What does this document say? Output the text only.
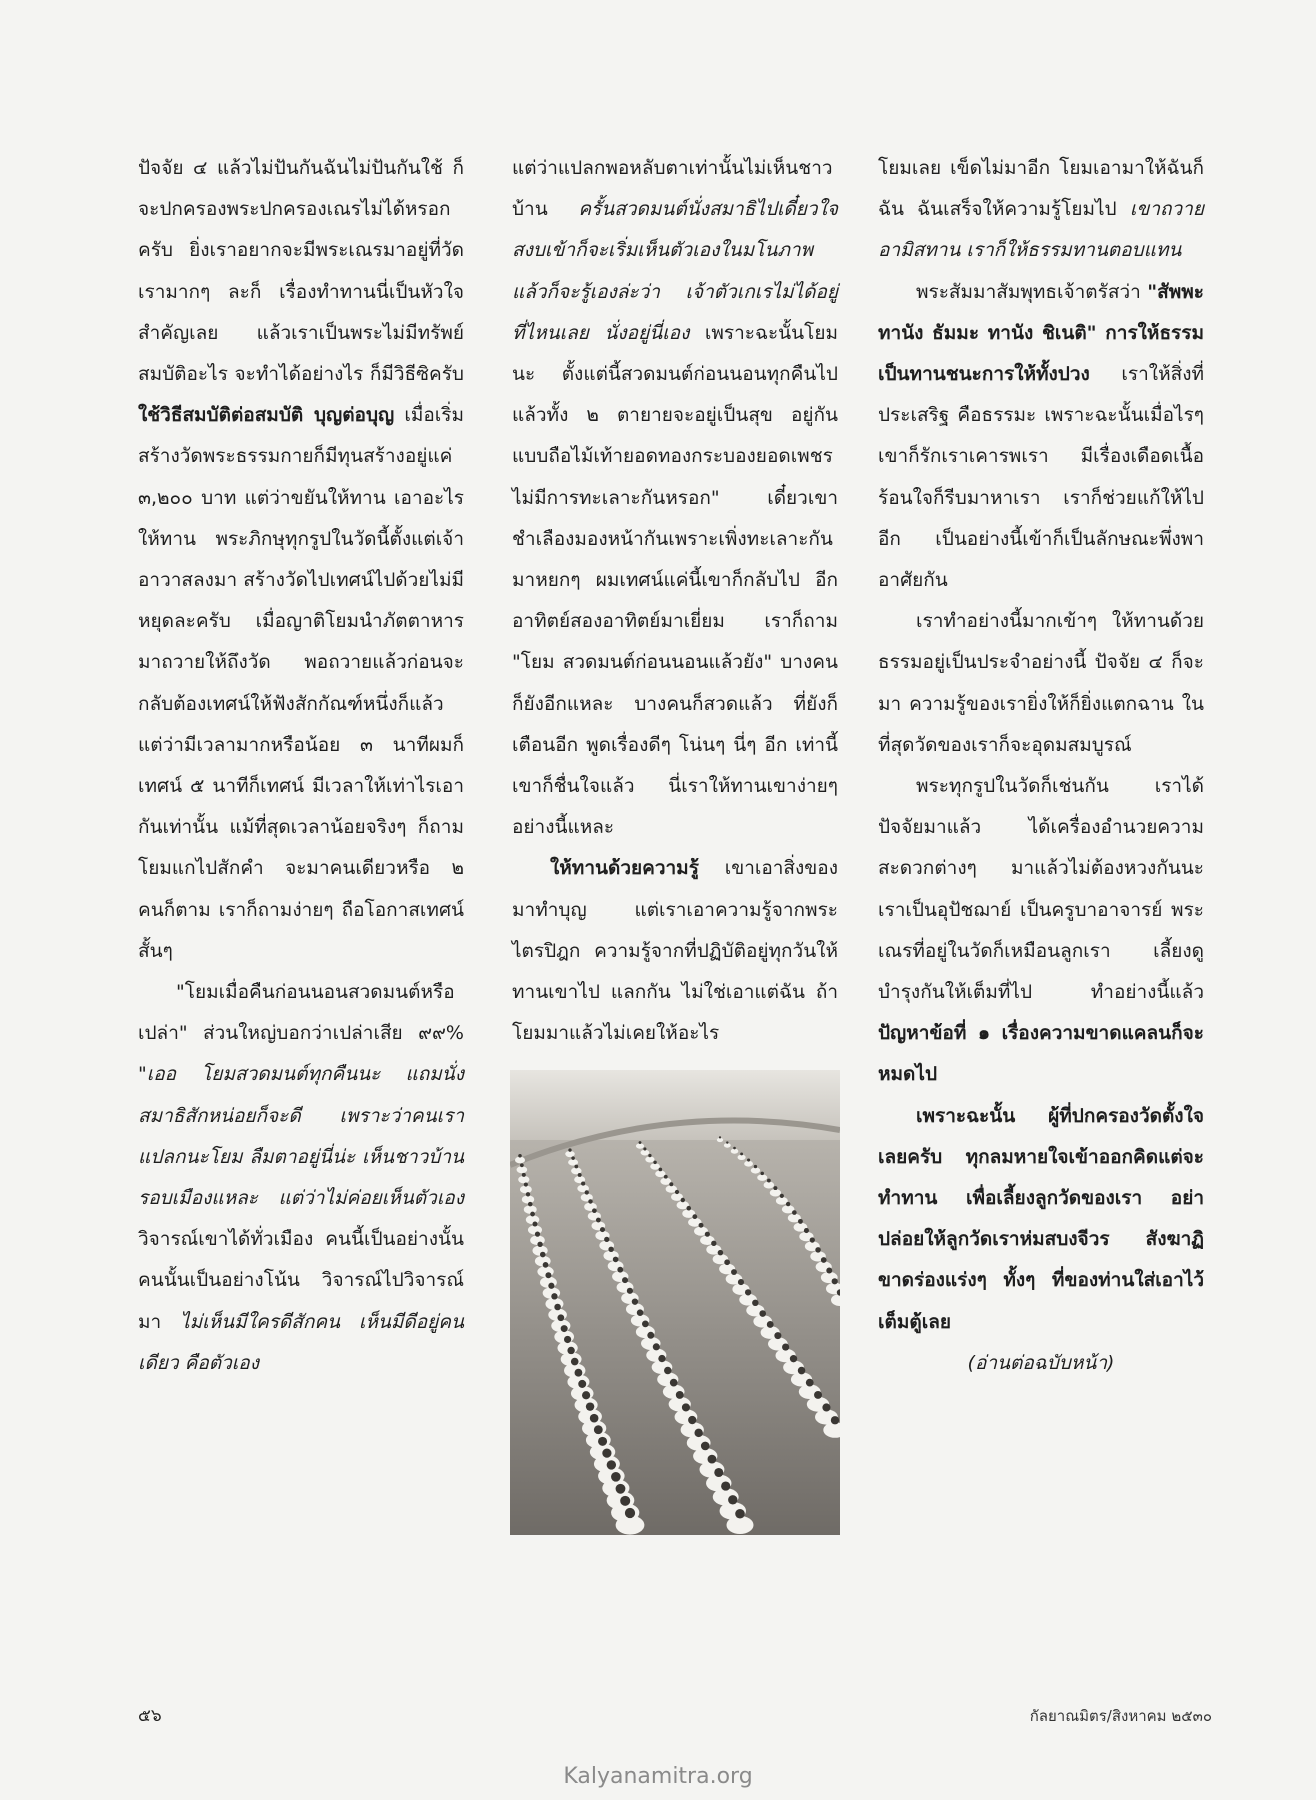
ปัจจัย ๔ แล้วไม่ปันกันฉันไม่ปันกันใช้ ก็จะปกครองพระปกครองเณรไม่ได้หรอกครับ ยิ่งเราอยากจะมีพระเณรมาอยู่ที่วัดเรามากๆ ละก็ เรื่องทำทานนี่เป็นหัวใจสำคัญเลย แล้วเราเป็นพระไม่มีทรัพย์สมบัติอะไร จะทำได้อย่างไร ก็มีวิธีซิครับ ใช้วิธีสมบัติต่อสมบัติ บุญต่อบุญ เมื่อเริ่มสร้างวัดพระธรรมกายก็มีทุนสร้างอยู่แค่ ๓,๒๐๐ บาท แต่ว่าขยันให้ทาน เอาอะไรให้ทาน พระภิกษุทุกรูปในวัดนี้ตั้งแต่เจ้าอาวาสลงมา สร้างวัดไปเทศน์ไปด้วยไม่มีหยุดละครับ เมื่อญาติโยมนำภัตตาหารมาถวายให้ถึงวัด พอถวายแล้วก่อนจะกลับต้องเทศน์ให้ฟังสักกัณฑ์หนึ่งก็แล้วแต่ว่ามีเวลามากหรือน้อย ๓ นาทีผมก็เทศน์ ๕ นาทีก็เทศน์ มีเวลาให้เท่าไรเอากันเท่านั้น แม้ที่สุดเวลาน้อยจริงๆ ก็ถามโยมแกไปสักคำ จะมาคนเดียวหรือ ๒ คนก็ตาม เราก็ถามง่ายๆ ถือโอกาสเทศน์สั้นๆ

"โยมเมื่อคืนก่อนนอนสวดมนต์หรือเปล่า" ส่วนใหญ่บอกว่าเปล่าเสีย ๙๙% "เออ โยมสวดมนต์ทุกคืนนะ แถมนั่งสมาธิสักหน่อยก็จะดี เพราะว่าคนเราแปลกนะโยม ลืมตาอยู่นี่น่ะ เห็นชาวบ้านรอบเมืองแหละ แต่ว่าไม่ค่อยเห็นตัวเอง วิจารณ์เขาได้ทั่วเมือง คนนี้เป็นอย่างนั้น คนนั้นเป็นอย่างโน้น วิจารณ์ไปวิจารณ์มา ไม่เห็นมีใครดีสักคน เห็นมีดีอยู่คนเดียว คือตัวเอง

แต่ว่าแปลกพอหลับตาเท่านั้นไม่เห็นชาวบ้าน ครั้นสวดมนต์นั่งสมาธิไปเดี๋ยวใจสงบเข้าก็จะเริ่มเห็นตัวเองในมโนภาพ แล้วก็จะรู้เองล่ะว่า เจ้าตัวเกเรไม่ได้อยู่ที่ไหนเลย นั่งอยู่นี่เอง เพราะฉะนั้นโยมนะ ตั้งแต่นี้สวดมนต์ก่อนนอนทุกคืนไป แล้วทั้ง ๒ ตายายจะอยู่เป็นสุข อยู่กันแบบถือไม้เท้ายอดทองกระบองยอดเพชร ไม่มีการทะเลาะกันหรอก" เดี๋ยวเขาชำเลืองมองหน้ากันเพราะเพิ่งทะเลาะกันมาหยกๆ ผมเทศน์แค่นี้เขาก็กลับไป อีกอาทิตย์สองอาทิตย์มาเยี่ยม เราก็ถาม "โยม สวดมนต์ก่อนนอนแล้วยัง" บางคนก็ยังอีกแหละ บางคนก็สวดแล้ว ที่ยังก็เตือนอีก พูดเรื่องดีๆ โน่นๆ นี่ๆ อีก เท่านี้เขาก็ชื่นใจแล้ว นี่เราให้ทานเขาง่ายๆ อย่างนี้แหละ

ให้ทานด้วยความรู้ เขาเอาสิ่งของมาทำบุญ แต่เราเอาความรู้จากพระไตรปิฎก ความรู้จากที่ปฏิบัติอยู่ทุกวันให้ทานเขาไป แลกกัน ไม่ใช่เอาแต่ฉัน ถ้าโยมมาแล้วไม่เคยให้อะไร

โยมเลย เข็ดไม่มาอีก โยมเอามาให้ฉันก็ฉัน ฉันเสร็จให้ความรู้โยมไป เขาถวายอามิสทาน เราก็ให้ธรรมทานตอบแทน

พระสัมมาสัมพุทธเจ้าตรัสว่า "สัพพะ ทานัง ธัมมะ ทานัง ชิเนติ" การให้ธรรมเป็นทานชนะการให้ทั้งปวง เราให้สิ่งที่ประเสริฐ คือธรรมะ เพราะฉะนั้นเมื่อไรๆ เขาก็รักเราเคารพเรา มีเรื่องเดือดเนื้อร้อนใจก็รีบมาหาเรา เราก็ช่วยแก้ให้ไปอีก เป็นอย่างนี้เข้าก็เป็นลักษณะพึ่งพาอาศัยกัน

เราทำอย่างนี้มากเข้าๆ ให้ทานด้วยธรรมอยู่เป็นประจำอย่างนี้ ปัจจัย ๔ ก็จะมา ความรู้ของเรายิ่งให้ก็ยิ่งแตกฉาน ในที่สุดวัดของเราก็จะอุดมสมบูรณ์

พระทุกรูปในวัดก็เช่นกัน เราได้ปัจจัยมาแล้ว ได้เครื่องอำนวยความสะดวกต่างๆ มาแล้วไม่ต้องหวงกันนะ เราเป็นอุปัชฌาย์ เป็นครูบาอาจารย์ พระเณรที่อยู่ในวัดก็เหมือนลูกเรา เลี้ยงดูบำรุงกันให้เต็มที่ไป ทำอย่างนี้แล้ว ปัญหาข้อที่ ๑ เรื่องความขาดแคลนก็จะหมดไป

เพราะฉะนั้น ผู้ที่ปกครองวัดตั้งใจเลยครับ ทุกลมหายใจเข้าออกคิดแต่จะทำทาน เพื่อเลี้ยงลูกวัดของเรา อย่าปล่อยให้ลูกวัดเราห่มสบงจีวร สังฆาฏิ ขาดร่องแร่งๆ ทั้งๆ ที่ของท่านใส่เอาไว้เต็มตู้เลย

(อ่านต่อฉบับหน้า)

๕๖	กัลยาณมิตร/สิงหาคม ๒๕๓๐
Kalyanamitra.org
